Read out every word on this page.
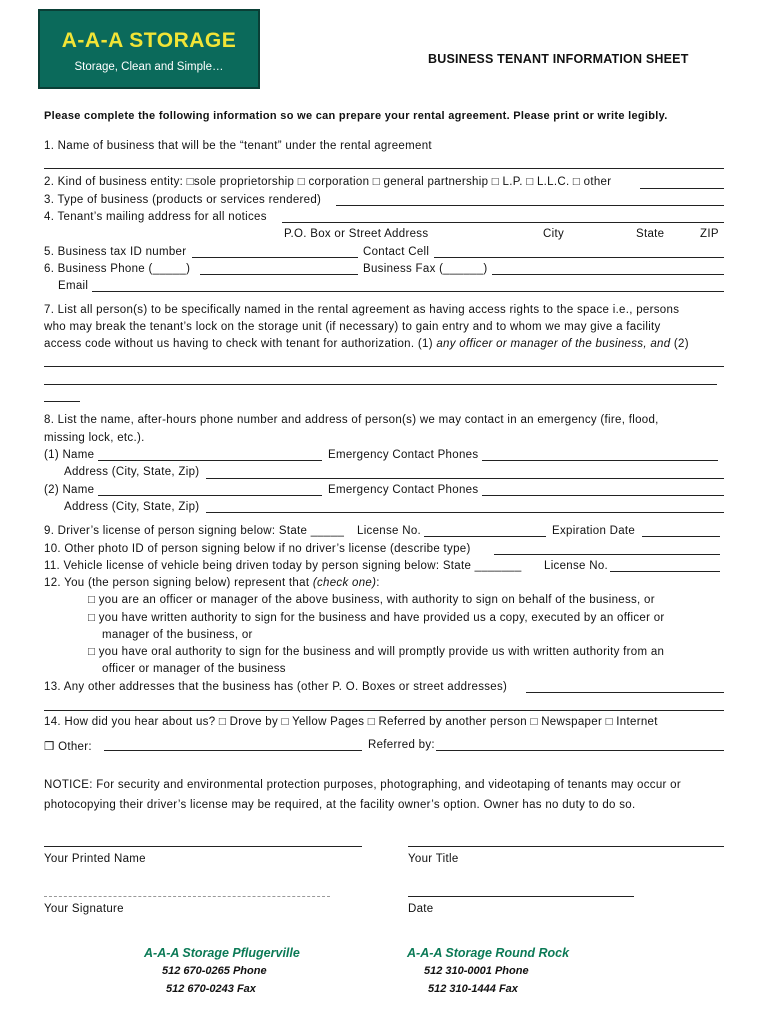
A-A-A STORAGE
Storage, Clean and Simple…
BUSINESS TENANT INFORMATION SHEET
Please complete the following information so we can prepare your rental agreement. Please print or write legibly.
1. Name of business that will be the “tenant” under the rental agreement
2. Kind of business entity: □sole proprietorship □ corporation □ general partnership □ L.P. □ L.L.C. □ other
3. Type of business (products or services rendered)
4. Tenant’s mailing address for all notices
P.O. Box or Street Address	City	State	ZIP
5. Business tax ID number	Contact Cell
6. Business Phone (_____)	Business Fax (______)
Email
7. List all person(s) to be specifically named in the rental agreement as having access rights to the space i.e., persons
who may break the tenant’s lock on the storage unit (if necessary) to gain entry and to whom we may give a facility
access code without us having to check with tenant for authorization. (1) any officer or manager of the business, and (2)
8. List the name, after-hours phone number and address of person(s) we may contact in an emergency (fire, flood,
missing lock, etc.).
(1) Name	Emergency Contact Phones
Address (City, State, Zip)
(2) Name	Emergency Contact Phones
Address (City, State, Zip)
9. Driver’s license of person signing below: State _____ License No.	Expiration Date
10. Other photo ID of person signing below if no driver’s license (describe type)
11. Vehicle license of vehicle being driven today by person signing below: State _______ License No.
12. You (the person signing below) represent that (check one):
□ you are an officer or manager of the above business, with authority to sign on behalf of the business, or
□ you have written authority to sign for the business and have provided us a copy, executed by an officer or
manager of the business, or
□ you have oral authority to sign for the business and will promptly provide us with written authority from an
officer or manager of the business
13. Any other addresses that the business has (other P. O. Boxes or street addresses)
14. How did you hear about us? □ Drove by □ Yellow Pages □ Referred by another person □ Newspaper □ Internet
❒ Other:	Referred by:
NOTICE: For security and environmental protection purposes, photographing, and videotaping of tenants may occur or
photocopying their driver’s license may be required, at the facility owner’s option. Owner has no duty to do so.
Your Printed Name	Your Title
Your Signature	Date
A-A-A Storage Pflugerville
512 670-0265 Phone
512 670-0243 Fax
A-A-A Storage Round Rock
512 310-0001 Phone
512 310-1444 Fax
